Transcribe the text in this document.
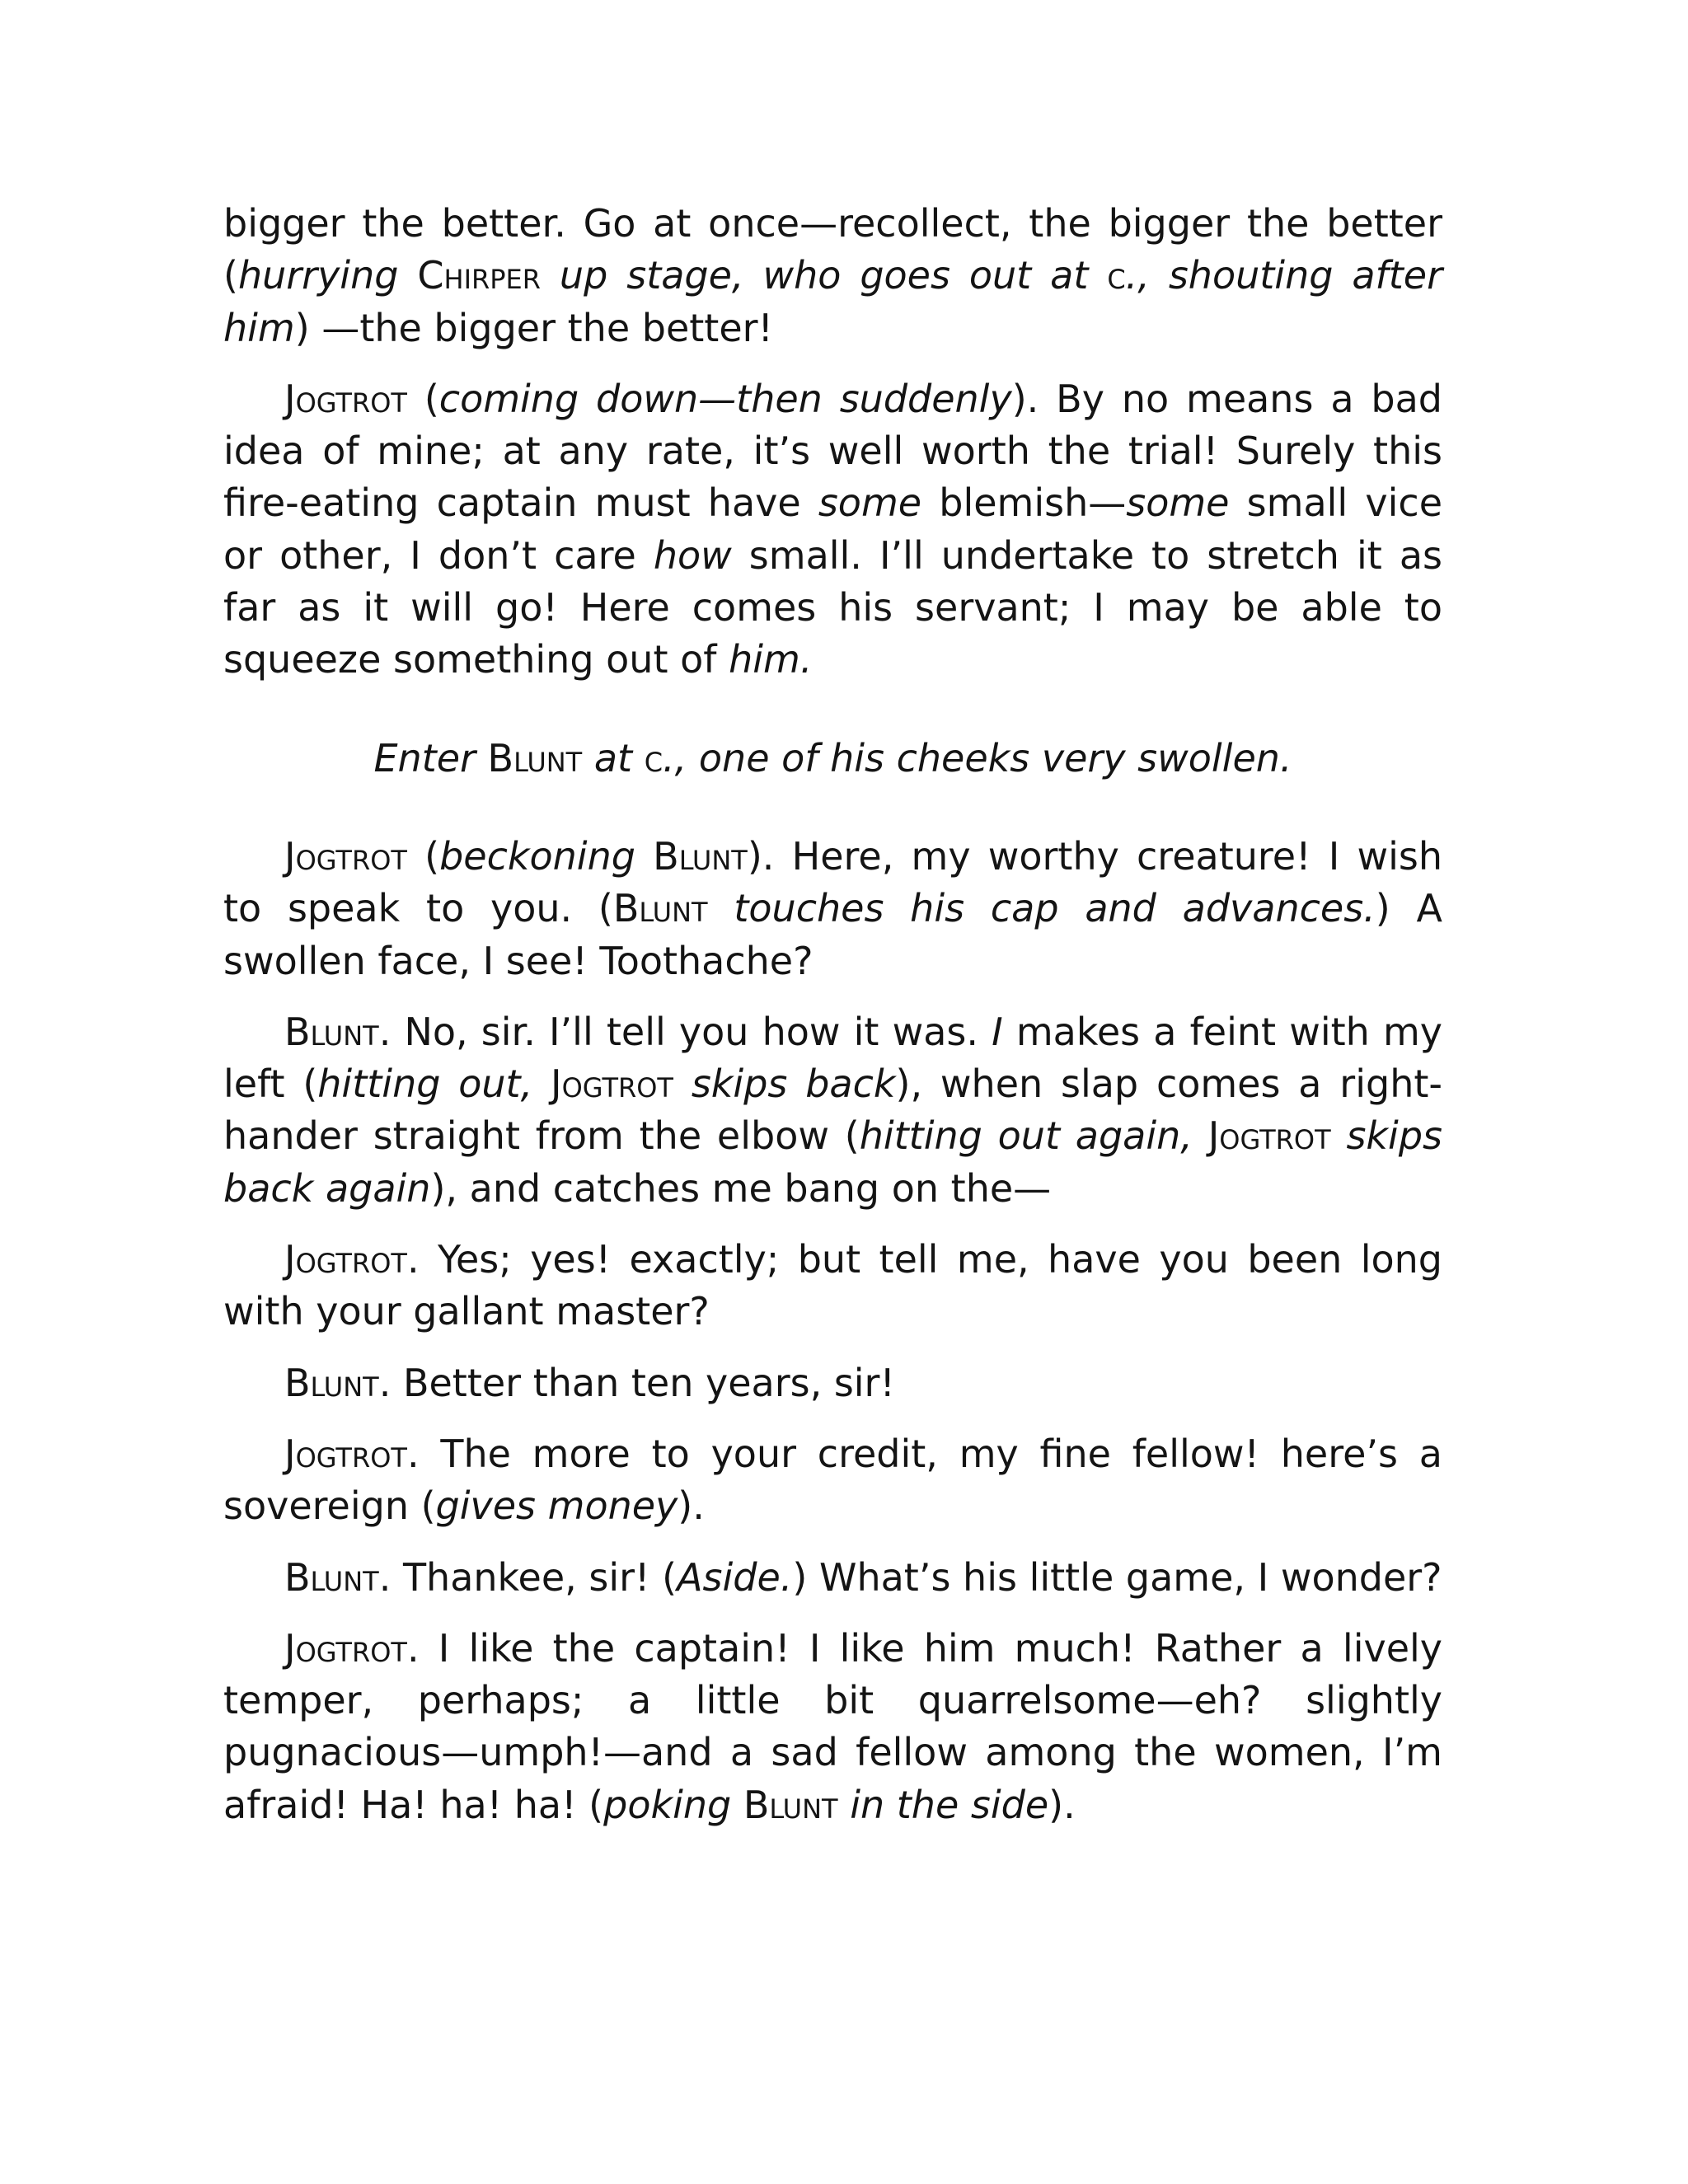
bigger the better. Go at once—recollect, the bigger the better (hurrying Chirper up stage, who goes out at c., shouting after him) —the bigger the better!

Jogtrot (coming down—then suddenly). By no means a bad idea of mine; at any rate, it’s well worth the trial! Surely this fire-eating captain must have some blemish—some small vice or other, I don’t care how small. I’ll undertake to stretch it as far as it will go! Here comes his servant; I may be able to squeeze something out of him.

Enter Blunt at c., one of his cheeks very swollen.

Jogtrot (beckoning Blunt). Here, my worthy creature! I wish to speak to you. (Blunt touches his cap and advances.) A swollen face, I see! Toothache?

Blunt. No, sir. I’ll tell you how it was. I makes a feint with my left (hitting out, Jogtrot skips back), when slap comes a right-hander straight from the elbow (hitting out again, Jogtrot skips back again), and catches me bang on the—

Jogtrot. Yes; yes! exactly; but tell me, have you been long with your gallant master?

Blunt. Better than ten years, sir!

Jogtrot. The more to your credit, my fine fellow! here’s a sovereign (gives money).

Blunt. Thankee, sir! (Aside.) What’s his little game, I wonder?

Jogtrot. I like the captain! I like him much! Rather a lively temper, perhaps; a little bit quarrelsome—eh? slightly pugnacious—umph!—and a sad fellow among the women, I’m afraid! Ha! ha! ha! (poking Blunt in the side).
